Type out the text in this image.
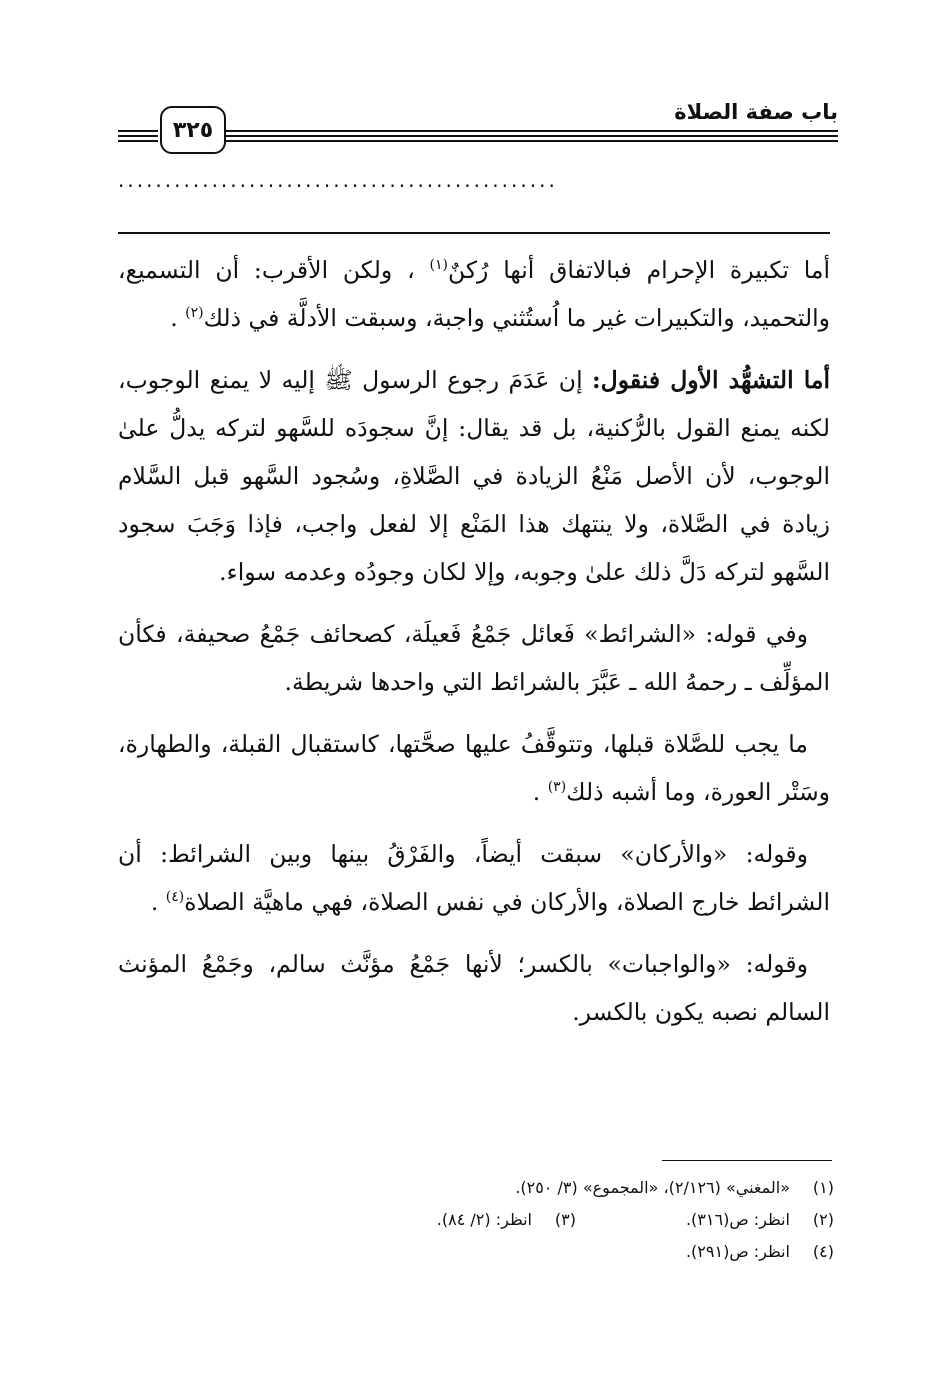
باب صفة الصلاة
٣٢٥
...............................................

أما تكبيرة الإحرام فبالاتفاق أنها رُكنٌ$^{(١)}$ ، ولكن الأقرب: أن التسميع، والتحميد، والتكبيرات غير ما اُستُثني واجبة، وسبقت الأدلَّة في ذلك$^{(٢)}$ .

أما التشهُّد الأول فنقول: إن عَدَمَ رجوع الرسول ﷺ إليه لا يمنع الوجوب، لكنه يمنع القول بالرُّكنية، بل قد يقال: إنَّ سجودَه للسَّهو لتركه يدلُّ علىٰ الوجوب، لأن الأصل مَنْعُ الزيادة في الصَّلاةِ، وسُجود السَّهو قبل السَّلام زيادة في الصَّلاة، ولا ينتهك هذا المَنْع إلا لفعل واجب، فإذا وَجَبَ سجود السَّهو لتركه دَلَّ ذلك علىٰ وجوبه، وإلا لكان وجودُه وعدمه سواء.

وفي قوله: «الشرائط» فَعائل جَمْعُ فَعيلَة، كصحائف جَمْعُ صحيفة، فكأن المؤلِّف ـ رحمهُ الله ـ عَبَّرَ بالشرائط التي واحدها شريطة.

ما يجب للصَّلاة قبلها، وتتوقَّفُ عليها صحَّتها، كاستقبال القبلة، والطهارة، وسَتْر العورة، وما أشبه ذلك$^{(٣)}$ .

وقوله: «والأركان» سبقت أيضاً، والفَرْقُ بينها وبين الشرائط: أن الشرائط خارج الصلاة، والأركان في نفس الصلاة، فهي ماهيَّة الصلاة$^{(٤)}$ .

وقوله: «والواجبات» بالكسر؛ لأنها جَمْعُ مؤنَّث سالم، وجَمْعُ المؤنث السالم نصبه يكون بالكسر.

(١)«المغني» (٢/١٢٦)، «المجموع» (٣/ ٢٥٠).
(٢)انظر: ص(٣١٦).(٣)انظر: (٢/ ٨٤).
(٤)انظر: ص(٢٩١).
